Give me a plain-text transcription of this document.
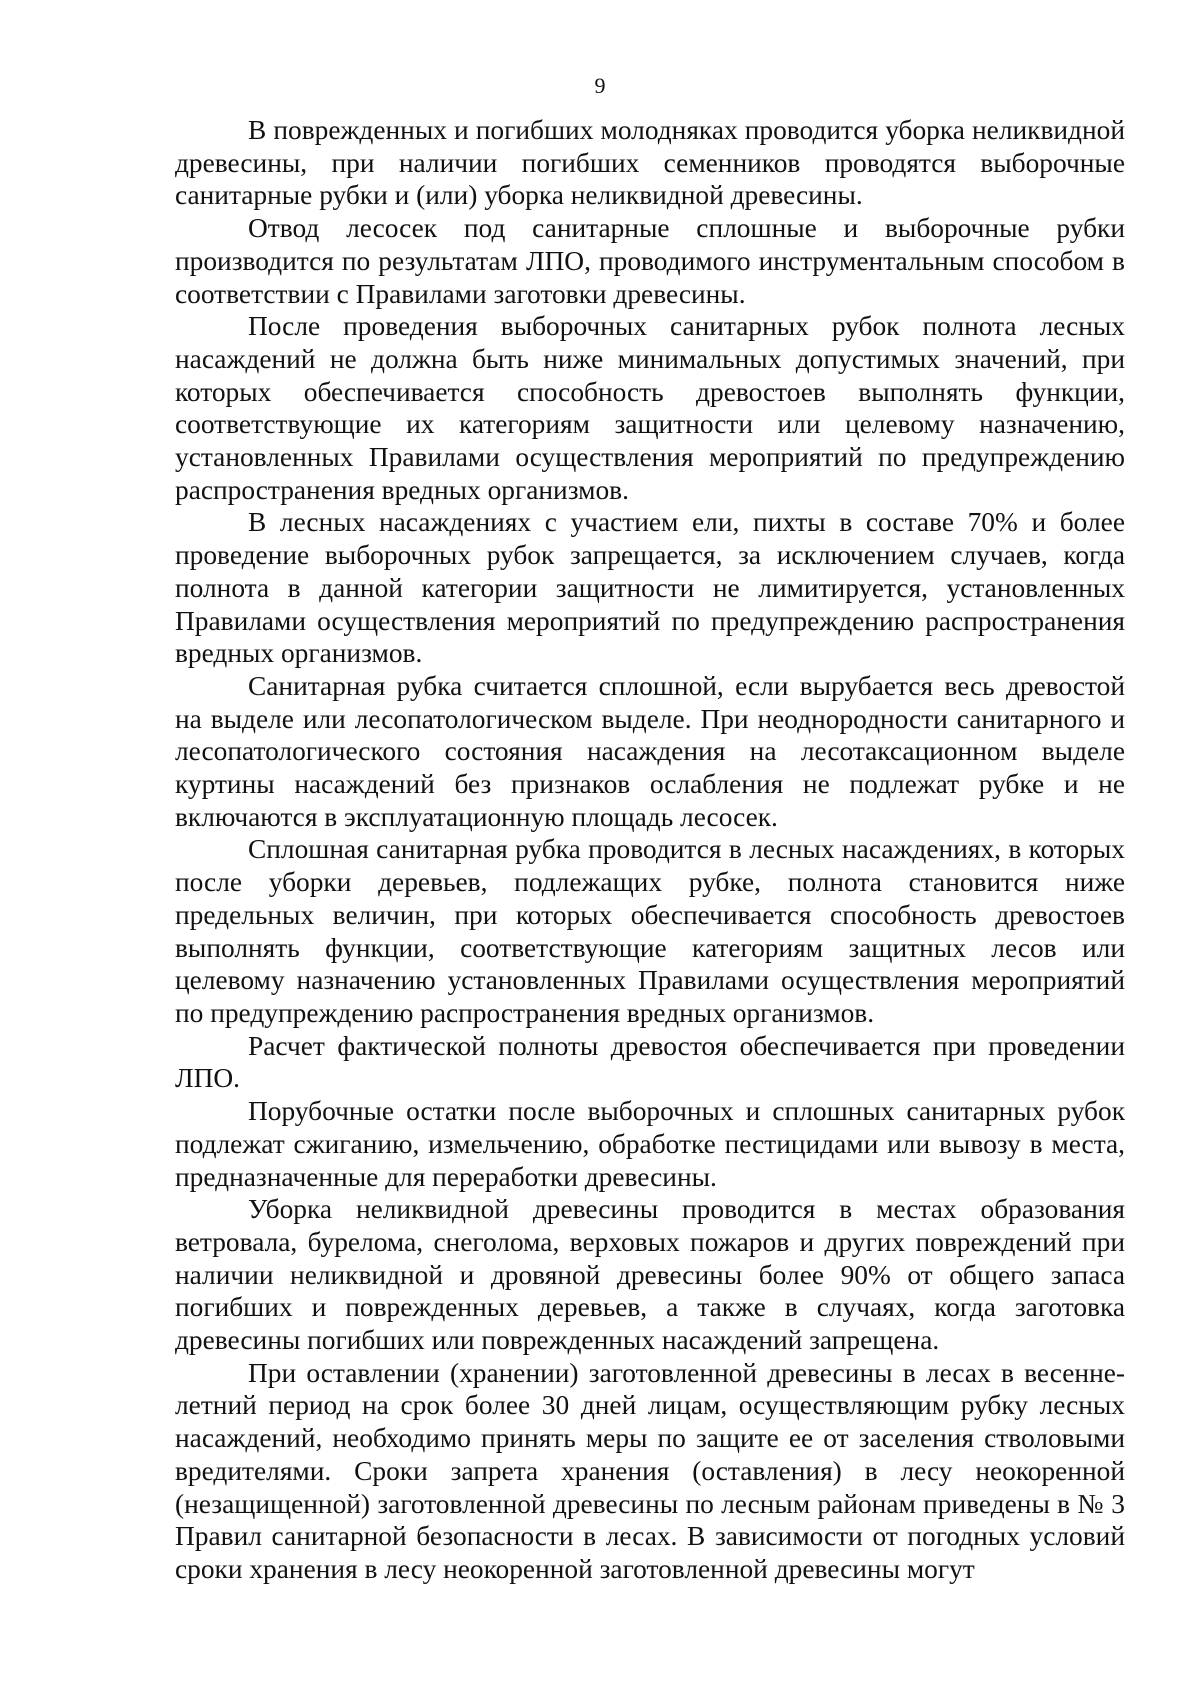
9

В поврежденных и погибших молодняках проводится уборка неликвидной древесины, при наличии погибших семенников проводятся выборочные санитарные рубки и (или) уборка неликвидной древесины.

Отвод лесосек под санитарные сплошные и выборочные рубки производится по результатам ЛПО, проводимого инструментальным способом в соответствии с Правилами заготовки древесины.

После проведения выборочных санитарных рубок полнота лесных насаждений не должна быть ниже минимальных допустимых значений, при которых обеспечивается способность древостоев выполнять функции, соответствующие их категориям защитности или целевому назначению, установленных Правилами осуществления мероприятий по предупреждению распространения вредных организмов.

В лесных насаждениях с участием ели, пихты в составе 70% и более проведение выборочных рубок запрещается, за исключением случаев, когда полнота в данной категории защитности не лимитируется, установленных Правилами осуществления мероприятий по предупреждению распространения вредных организмов.

Санитарная рубка считается сплошной, если вырубается весь древостой на выделе или лесопатологическом выделе. При неоднородности санитарного и лесопатологического состояния насаждения на лесотаксационном выделе куртины насаждений без признаков ослабления не подлежат рубке и не включаются в эксплуатационную площадь лесосек.

Сплошная санитарная рубка проводится в лесных насаждениях, в которых после уборки деревьев, подлежащих рубке, полнота становится ниже предельных величин, при которых обеспечивается способность древостоев выполнять функции, соответствующие категориям защитных лесов или целевому назначению установленных Правилами осуществления мероприятий по предупреждению распространения вредных организмов.

Расчет фактической полноты древостоя обеспечивается при проведении ЛПО.

Порубочные остатки после выборочных и сплошных санитарных рубок подлежат сжиганию, измельчению, обработке пестицидами или вывозу в места, предназначенные для переработки древесины.

Уборка неликвидной древесины проводится в местах образования ветровала, бурелома, снеголома, верховых пожаров и других повреждений при наличии неликвидной и дровяной древесины более 90% от общего запаса погибших и поврежденных деревьев, а также в случаях, когда заготовка древесины погибших или поврежденных насаждений запрещена.

При оставлении (хранении) заготовленной древесины в лесах в весенне-летний период на срок более 30 дней лицам, осуществляющим рубку лесных насаждений, необходимо принять меры по защите ее от заселения стволовыми вредителями. Сроки запрета хранения (оставления) в лесу неокоренной (незащищенной) заготовленной древесины по лесным районам приведены в № 3 Правил санитарной безопасности в лесах. В зависимости от погодных условий сроки хранения в лесу неокоренной заготовленной древесины могут
